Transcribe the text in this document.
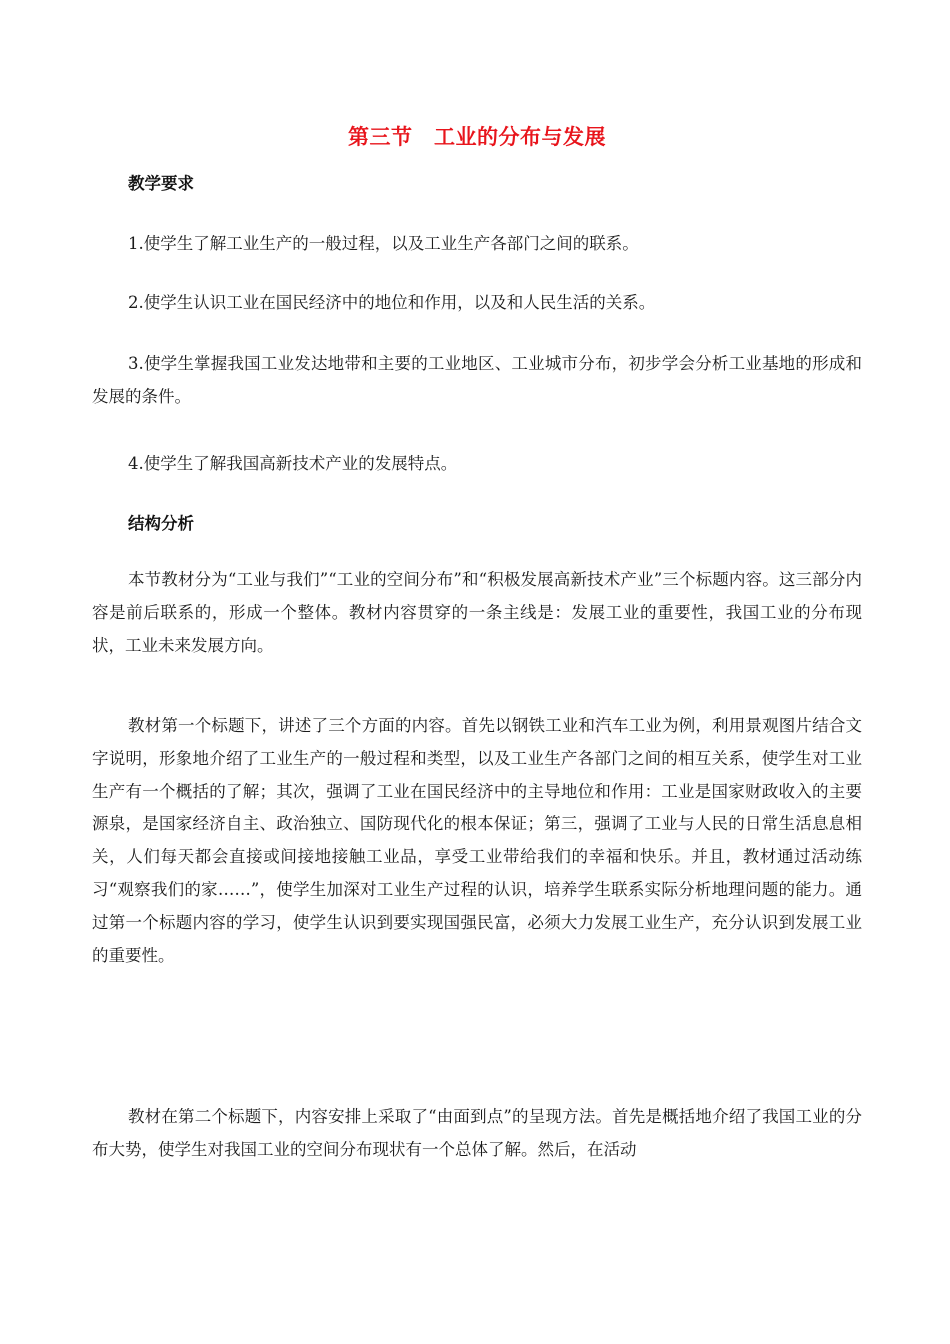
第三节　工业的分布与发展
教学要求
1.使学生了解工业生产的一般过程，以及工业生产各部门之间的联系。
2.使学生认识工业在国民经济中的地位和作用，以及和人民生活的关系。
3.使学生掌握我国工业发达地带和主要的工业地区、工业城市分布，初步学会分析工业基地的形成和发展的条件。
4.使学生了解我国高新技术产业的发展特点。
结构分析
本节教材分为“工业与我们”“工业的空间分布”和“积极发展高新技术产业”三个标题内容。这三部分内容是前后联系的，形成一个整体。教材内容贯穿的一条主线是：发展工业的重要性，我国工业的分布现状，工业未来发展方向。
教材第一个标题下，讲述了三个方面的内容。首先以钢铁工业和汽车工业为例，利用景观图片结合文字说明，形象地介绍了工业生产的一般过程和类型，以及工业生产各部门之间的相互关系，使学生对工业生产有一个概括的了解；其次，强调了工业在国民经济中的主导地位和作用：工业是国家财政收入的主要源泉，是国家经济自主、政治独立、国防现代化的根本保证；第三，强调了工业与人民的日常生活息息相关，人们每天都会直接或间接地接触工业品，享受工业带给我们的幸福和快乐。并且，教材通过活动练习“观察我们的家……”，使学生加深对工业生产过程的认识，培养学生联系实际分析地理问题的能力。通过第一个标题内容的学习，使学生认识到要实现国强民富，必须大力发展工业生产，充分认识到发展工业的重要性。
教材在第二个标题下，内容安排上采取了“由面到点”的呈现方法。首先是概括地介绍了我国工业的分布大势，使学生对我国工业的空间分布现状有一个总体了解。然后，在活动
